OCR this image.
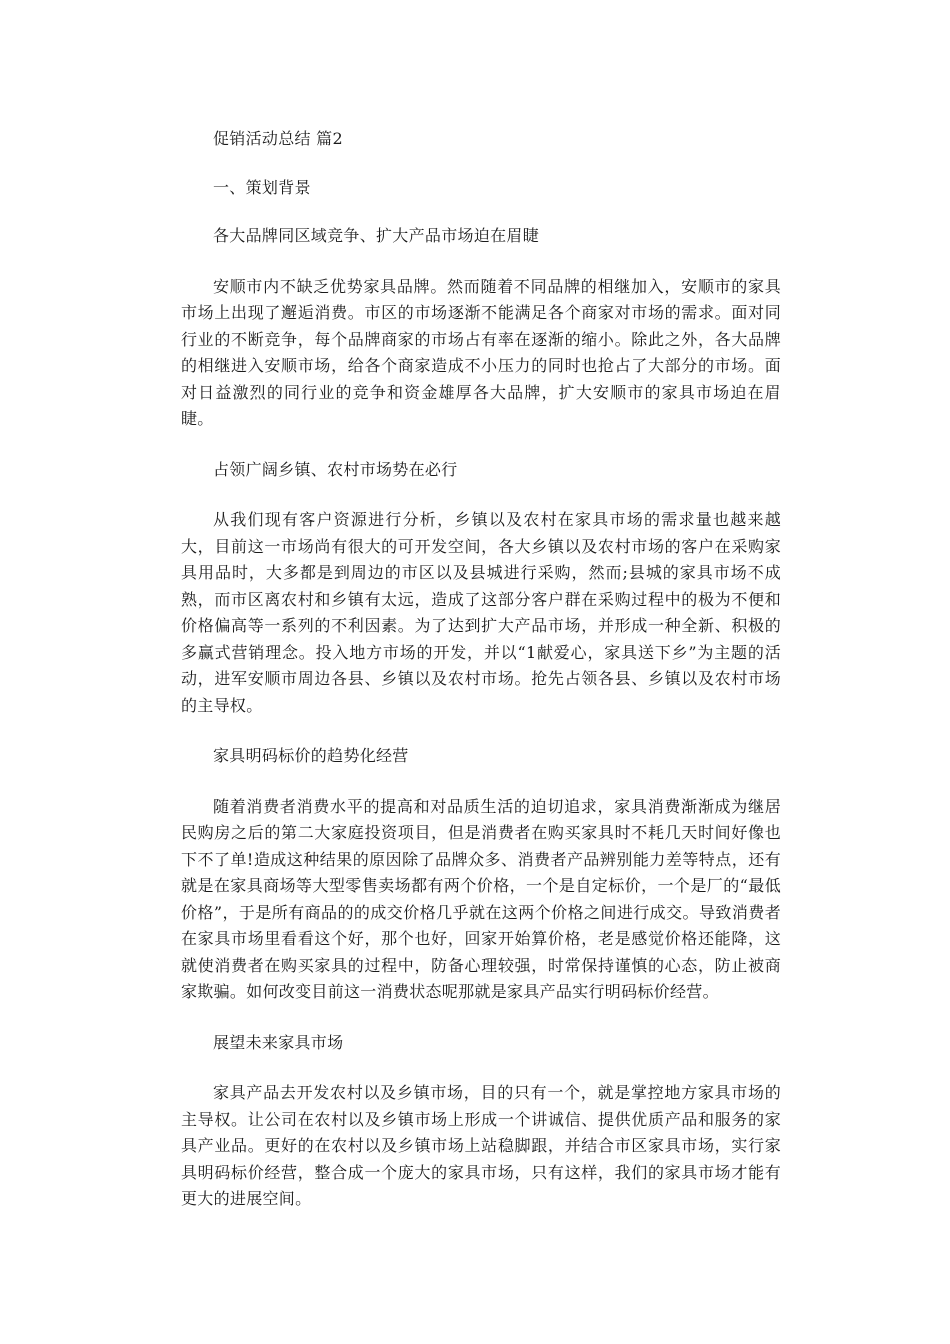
促销活动总结 篇2

一、策划背景

各大品牌同区域竞争、扩大产品市场迫在眉睫

安顺市内不缺乏优势家具品牌。然而随着不同品牌的相继加入，安顺市的家具市场上出现了邂逅消费。市区的市场逐渐不能满足各个商家对市场的需求。面对同行业的不断竞争，每个品牌商家的市场占有率在逐渐的缩小。除此之外，各大品牌的相继进入安顺市场，给各个商家造成不小压力的同时也抢占了大部分的市场。面对日益激烈的同行业的竞争和资金雄厚各大品牌，扩大安顺市的家具市场迫在眉睫。

占领广阔乡镇、农村市场势在必行

从我们现有客户资源进行分析，乡镇以及农村在家具市场的需求量也越来越大，目前这一市场尚有很大的可开发空间，各大乡镇以及农村市场的客户在采购家具用品时，大多都是到周边的市区以及县城进行采购，然而;县城的家具市场不成熟，而市区离农村和乡镇有太远，造成了这部分客户群在采购过程中的极为不便和价格偏高等一系列的不利因素。为了达到扩大产品市场，并形成一种全新、积极的多赢式营销理念。投入地方市场的开发，并以“1献爱心，家具送下乡”为主题的活动，进军安顺市周边各县、乡镇以及农村市场。抢先占领各县、乡镇以及农村市场的主导权。

家具明码标价的趋势化经营

随着消费者消费水平的提高和对品质生活的迫切追求，家具消费渐渐成为继居民购房之后的第二大家庭投资项目，但是消费者在购买家具时不耗几天时间好像也下不了单!造成这种结果的原因除了品牌众多、消费者产品辨别能力差等特点，还有就是在家具商场等大型零售卖场都有两个价格，一个是自定标价，一个是厂的“最低价格”，于是所有商品的的成交价格几乎就在这两个价格之间进行成交。导致消费者在家具市场里看看这个好，那个也好，回家开始算价格，老是感觉价格还能降，这就使消费者在购买家具的过程中，防备心理较强，时常保持谨慎的心态，防止被商家欺骗。如何改变目前这一消费状态呢那就是家具产品实行明码标价经营。

展望未来家具市场

家具产品去开发农村以及乡镇市场，目的只有一个，就是掌控地方家具市场的主导权。让公司在农村以及乡镇市场上形成一个讲诚信、提供优质产品和服务的家具产业品。更好的在农村以及乡镇市场上站稳脚跟，并结合市区家具市场，实行家具明码标价经营，整合成一个庞大的家具市场，只有这样，我们的家具市场才能有更大的进展空间。
